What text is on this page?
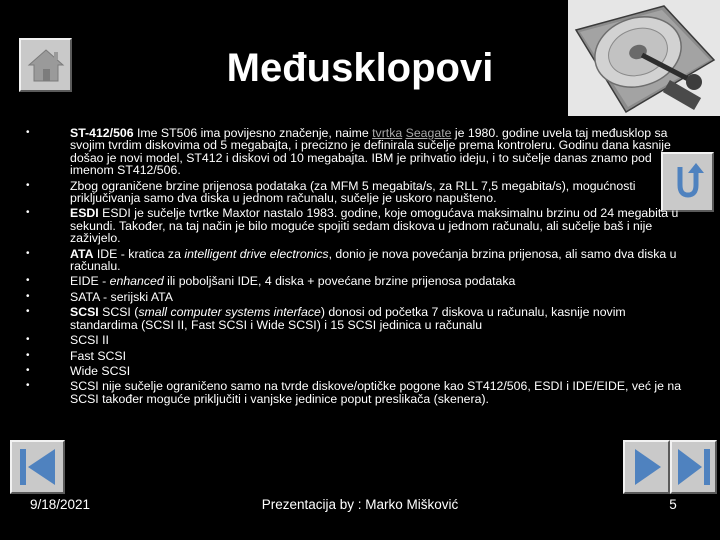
Međusklopovi
• ST-412/506 Ime ST506 ima povijesno značenje, naime tvrtka Seagate je 1980. godine uvela taj međusklop sa svojim tvrdim diskovima od 5 megabajta, i precizno je definirala sučelje prema kontroleru. Godinu dana kasnije došao je novi model, ST412 i diskovi od 10 megabajta. IBM je prihvatio ideju, i to sučelje danas znamo pod imenom ST412/506.
• Zbog ograničene brzine prijenosa podataka (za MFM 5 megabita/s, za RLL 7,5 megabita/s), mogućnosti priključivanja samo dva diska u jednom računalu, sučelje je uskoro napušteno.
• ESDI ESDI je sučelje tvrtke Maxtor nastalo 1983. godine, koje omogućava maksimalnu brzinu od 24 megabita u sekundi. Također, na taj način je bilo moguće spojiti sedam diskova u jednom računalu, ali sučelje baš i nije zaživjelo.
• ATA IDE - kratica za intelligent drive electronics, donio je nova povećanja brzina prijenosa, ali samo dva diska u računalu.
• EIDE - enhanced ili poboljšani IDE, 4 diska + povećane brzine prijenosa podataka
• SATA - serijski ATA
• SCSI SCSI (small computer systems interface) donosi od početka 7 diskova u računalu, kasnije novim standardima (SCSI II, Fast SCSI i Wide SCSI) i 15 SCSI jedinica u računalu
• SCSI II
• Fast SCSI
• Wide SCSI
• SCSI nije sučelje ograničeno samo na tvrde diskove/optičke pogone kao ST412/506, ESDI i IDE/EIDE, već je na SCSI također moguće priključiti i vanjske jedinice poput preslikača (skenera).
9/18/2021	Prezentacija by : Marko Mišković	5
